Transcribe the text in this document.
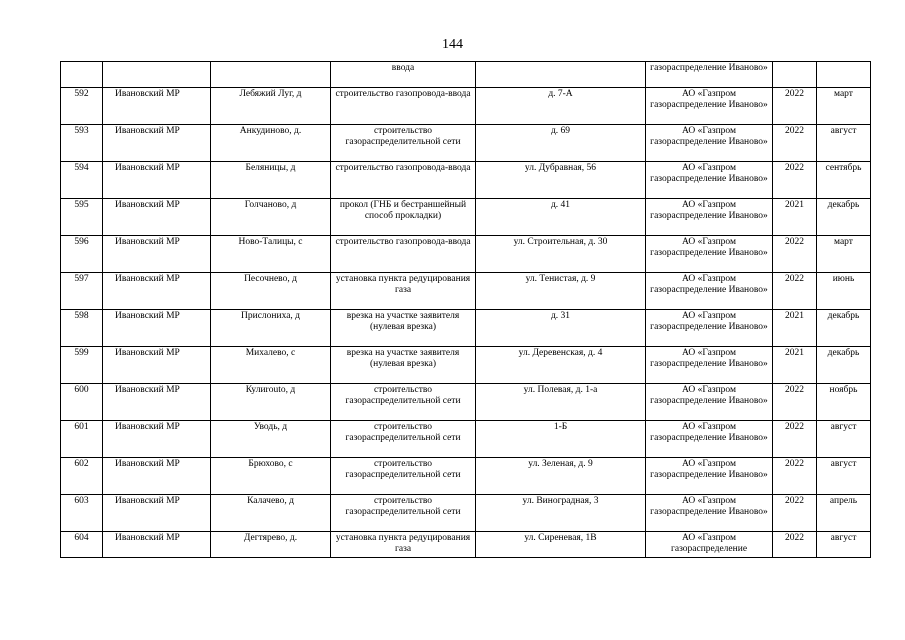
144
			ввода		газораспределение Иваново»		
592	Ивановский МР	Лебяжий Луг, д	строительство газопровода-ввода	д. 7-А	АО «Газпром газораспределение Иваново»	2022	март
593	Ивановский МР	Анкудиново, д.	строительство газораспределительной сети	д. 69	АО «Газпром газораспределение Иваново»	2022	август
594	Ивановский МР	Беляницы, д	строительство газопровода-ввода	ул. Дубравная, 56	АО «Газпром газораспределение Иваново»	2022	сентябрь
595	Ивановский МР	Голчаново, д	прокол (ГНБ и бестраншейный способ прокладки)	д. 41	АО «Газпром газораспределение Иваново»	2021	декабрь
596	Ивановский МР	Ново-Талицы, с	строительство газопровода-ввода	ул. Строительная, д. 30	АО «Газпром газораспределение Иваново»	2022	март
597	Ивановский МР	Песочнево, д	установка пункта редуцирования газа	ул. Тенистая, д. 9	АО «Газпром газораспределение Иваново»	2022	июнь
598	Ивановский МР	Прислониха, д	врезка на участке заявителя (нулевая врезка)	д. 31	АО «Газпром газораспределение Иваново»	2021	декабрь
599	Ивановский МР	Михалево, с	врезка на участке заявителя (нулевая врезка)	ул. Деревенская, д. 4	АО «Газпром газораспределение Иваново»	2021	декабрь
600	Ивановский МР	Кулиrouto, д	строительство газораспределительной сети	ул. Полевая, д. 1-а	АО «Газпром газораспределение Иваново»	2022	ноябрь
601	Ивановский МР	Уводь, д	строительство газораспределительной сети	1-Б	АО «Газпром газораспределение Иваново»	2022	август
602	Ивановский МР	Брюхово, с	строительство газораспределительной сети	ул. Зеленая, д. 9	АО «Газпром газораспределение Иваново»	2022	август
603	Ивановский МР	Калачево, д	строительство газораспределительной сети	ул. Виноградная, 3	АО «Газпром газораспределение Иваново»	2022	апрель
604	Ивановский МР	Дегтярево, д.	установка пункта редуцирования газа	ул. Сиреневая, 1В	АО «Газпром газораспределение	2022	август
